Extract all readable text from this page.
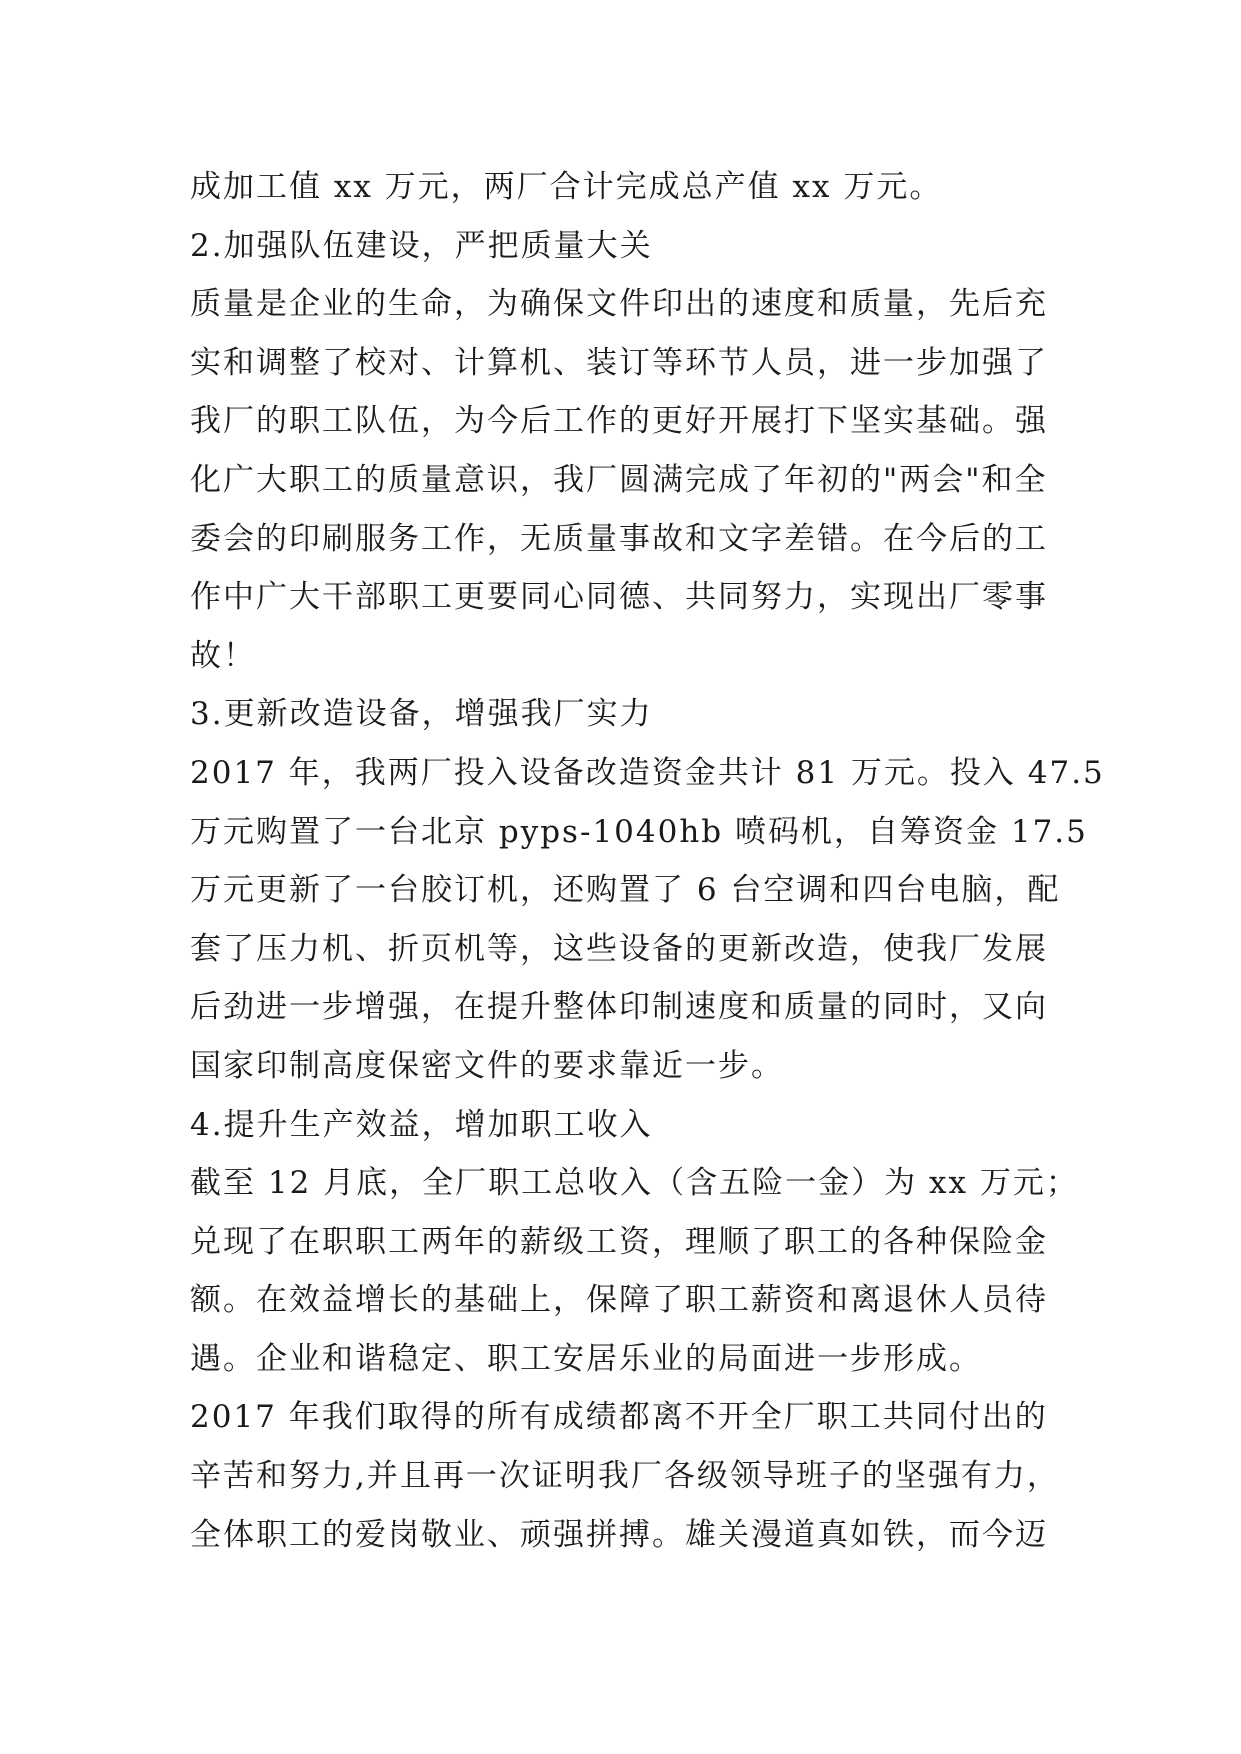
成加工值 xx 万元，两厂合计完成总产值 xx 万元。
2.加强队伍建设，严把质量大关
质量是企业的生命，为确保文件印出的速度和质量，先后充
实和调整了校对、计算机、装订等环节人员，进一步加强了
我厂的职工队伍，为今后工作的更好开展打下坚实基础。强
化广大职工的质量意识，我厂圆满完成了年初的"两会"和全
委会的印刷服务工作，无质量事故和文字差错。在今后的工
作中广大干部职工更要同心同德、共同努力，实现出厂零事
故！
3.更新改造设备，增强我厂实力
2017 年，我两厂投入设备改造资金共计 81 万元。投入 47.5
万元购置了一台北京 pyps-1040hb 喷码机，自筹资金 17.5
万元更新了一台胶订机，还购置了 6 台空调和四台电脑，配
套了压力机、折页机等，这些设备的更新改造，使我厂发展
后劲进一步增强，在提升整体印制速度和质量的同时，又向
国家印制高度保密文件的要求靠近一步。
4.提升生产效益，增加职工收入
截至 12 月底，全厂职工总收入（含五险一金）为 xx 万元；
兑现了在职职工两年的薪级工资，理顺了职工的各种保险金
额。在效益增长的基础上，保障了职工薪资和离退休人员待
遇。企业和谐稳定、职工安居乐业的局面进一步形成。
2017 年我们取得的所有成绩都离不开全厂职工共同付出的
辛苦和努力,并且再一次证明我厂各级领导班子的坚强有力，
全体职工的爱岗敬业、顽强拼搏。雄关漫道真如铁，而今迈
